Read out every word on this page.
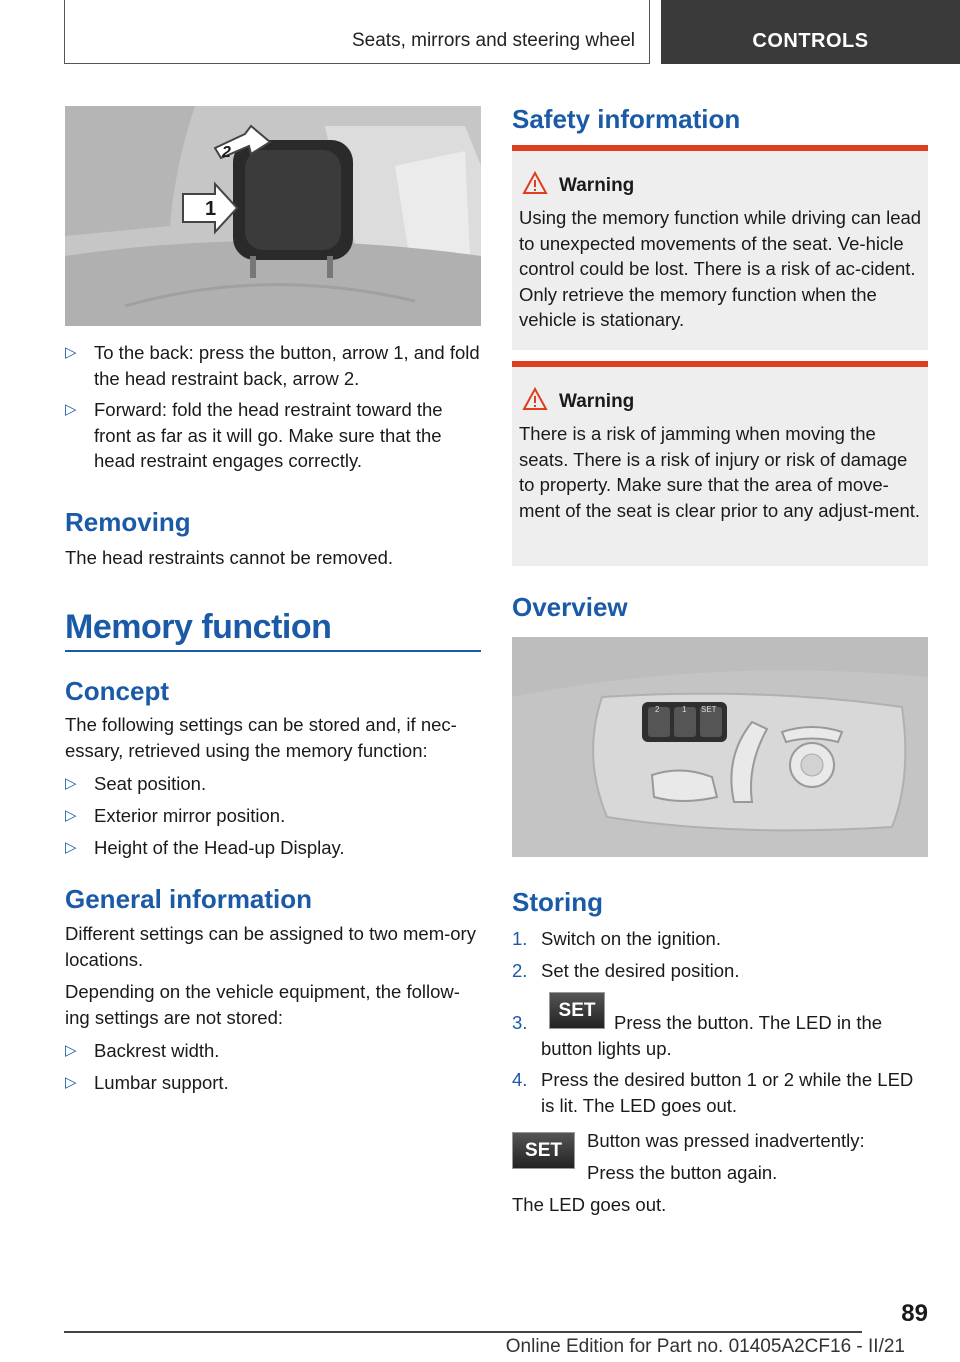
Seats, mirrors and steering wheel	CONTROLS
1
2
▷ To the back: press the button, arrow 1, and fold the head restraint back, arrow 2.
▷ Forward: fold the head restraint toward the front as far as it will go. Make sure that the head restraint engages correctly.
Removing
The head restraints cannot be removed.
Memory function
Concept
The following settings can be stored and, if nec‐essary, retrieved using the memory function:
▷ Seat position.
▷ Exterior mirror position.
▷ Height of the Head-up Display.
General information
Different settings can be assigned to two mem‐ory locations.
Depending on the vehicle equipment, the follow‐ing settings are not stored:
▷ Backrest width.
▷ Lumbar support.
Safety information
Warning
Using the memory function while driving can lead to unexpected movements of the seat. Ve‐hicle control could be lost. There is a risk of ac‐cident. Only retrieve the memory function when the vehicle is stationary.
Warning
There is a risk of jamming when moving the seats. There is a risk of injury or risk of damage to property. Make sure that the area of move‐ment of the seat is clear prior to any adjust‐ment.
Overview
2	1 SET
Storing
1. Switch on the ignition.
2. Set the desired position.
3.
SET
Press the button. The LED in the button lights up.
4. Press the desired button 1 or 2 while the LED is lit. The LED goes out.
SET	Button was pressed inadvertently:
Press the button again.
The LED goes out.
89
Online Edition for Part no. 01405A2CF16 - II/21
